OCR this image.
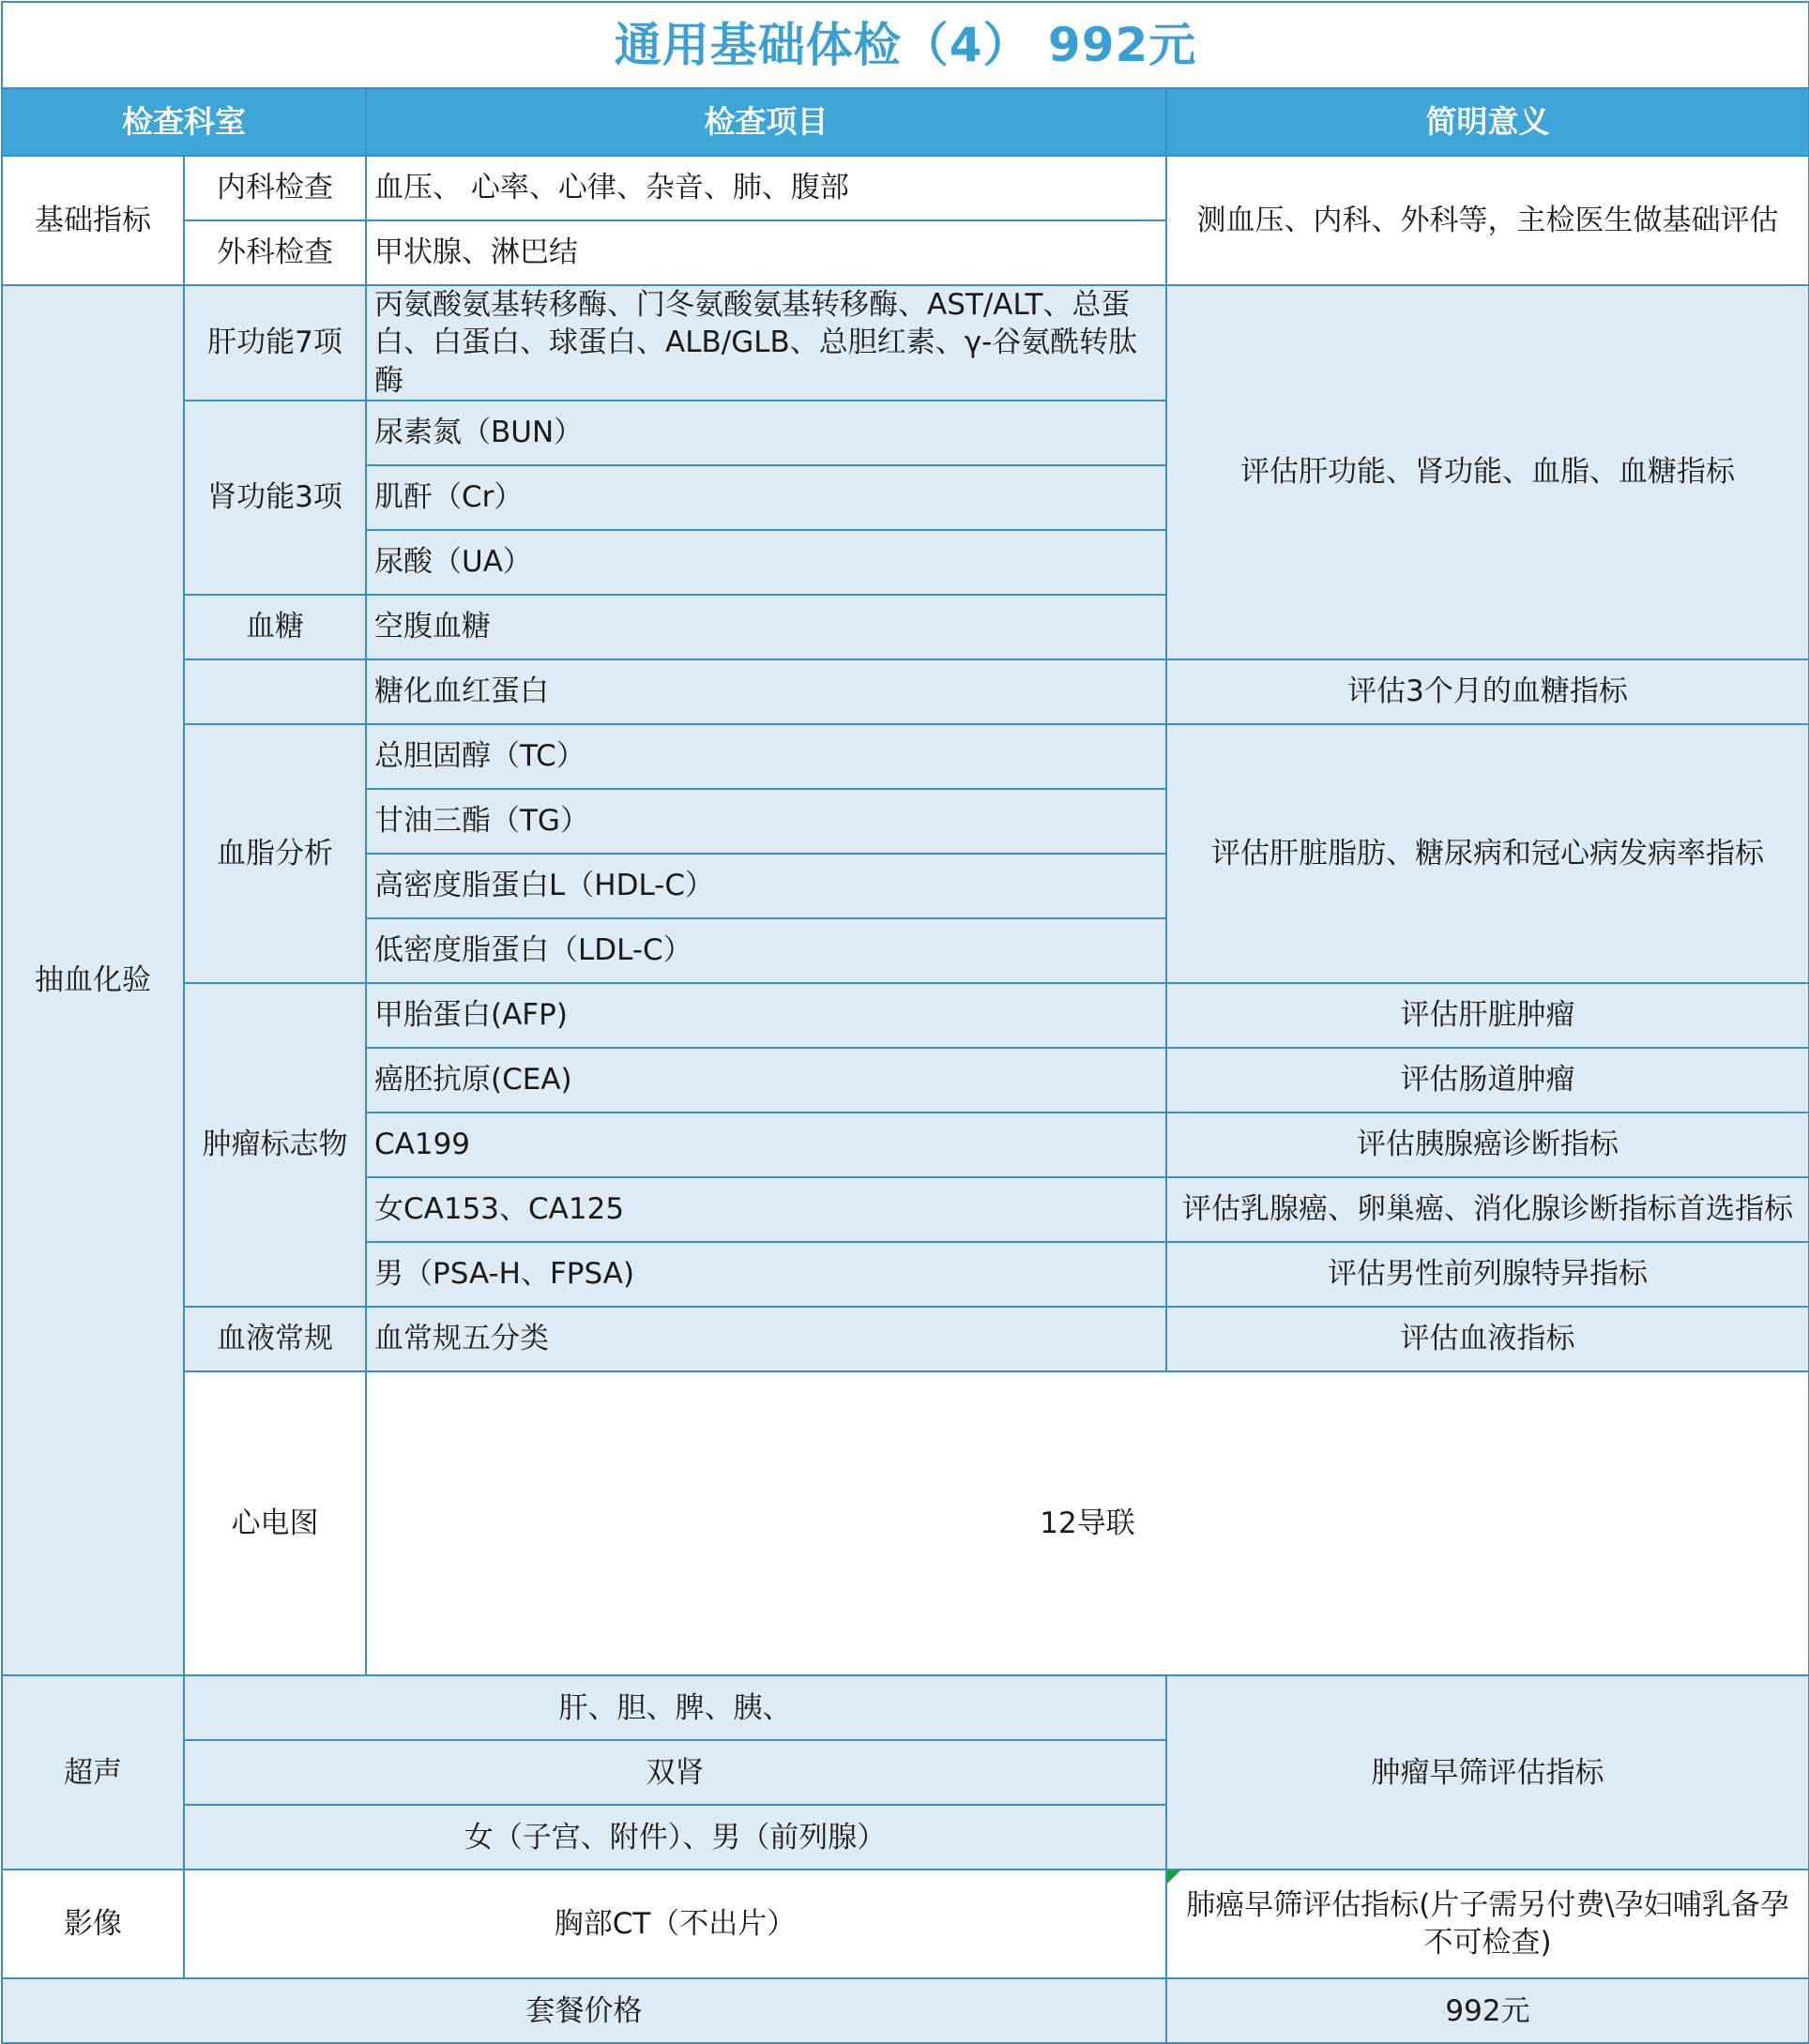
通用基础体检（4） 992元				
检查科室		检查项目	简明意义	
基础指标	内科检查	血压、 心率、心律、杂音、肺、腹部	测血压、内科、外科等，主检医生做基础评估	
	外科检查	甲状腺、淋巴结		
抽血化验	肝功能7项	丙氨酸氨基转移酶、门冬氨酸氨基转移酶、AST/ALT、总蛋白、白蛋白、球蛋白、ALB/GLB、总胆红素、γ-谷氨酰转肽酶	评估肝功能、肾功能、血脂、血糖指标	
	肾功能3项	尿素氮（BUN）		
		肌酐（Cr）		
		尿酸（UA）		
	血糖	空腹血糖		
		糖化血红蛋白	评估3个月的血糖指标	
	血脂分析	总胆固醇（TC）	评估肝脏脂肪、糖尿病和冠心病发病率指标	
		甘油三酯（TG）		
		高密度脂蛋白L（HDL-C）		
		低密度脂蛋白（LDL-C）		
	肿瘤标志物	甲胎蛋白(AFP)	评估肝脏肿瘤	
		癌胚抗原(CEA)	评估肠道肿瘤	
		CA199	评估胰腺癌诊断指标	
		女CA153、CA125	评估乳腺癌、卵巢癌、消化腺诊断指标首选指标	
		男（PSA-H、FPSA)	评估男性前列腺特异指标	
	血液常规	血常规五分类	评估血液指标	
	心电图	12导联	
超声	肝、胆、脾、胰、		肿瘤早筛评估指标	
	双肾			
	女（子宫、附件）、男（前列腺）			
影像	胸部CT（不出片）		肺癌早筛评估指标(片子需另付费\孕妇哺乳备孕不可检查)	
套餐价格			992元	
